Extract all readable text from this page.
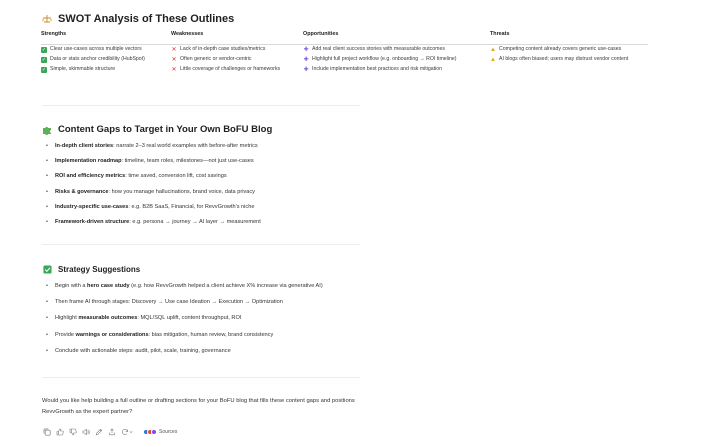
SWOT Analysis of These Outlines
Strengths	Weaknesses	Opportunities	Threats
✓ Clear use-cases across multiple vectors	✕ Lack of in-depth case studies/metrics	✚ Add real client success stories with measurable outcomes	▲ Competing content already covers generic use-cases
✓ Data or stats anchor credibility (HubSpot)	✕ Often generic or vendor-centric	✚ Highlight full project workflow (e.g. onboarding → ROI timeline)	▲ AI blogs often biased; users may distrust vendor content
✓ Simple, skimmable structure	✕ Little coverage of challenges or frameworks	✚ Include implementation best practices and risk mitigation	
Content Gaps to Target in Your Own BoFU Blog
• In-depth client stories: narrate 2–3 real world examples with before-after metrics
• Implementation roadmap: timeline, team roles, milestones—not just use-cases
• ROI and efficiency metrics: time saved, conversion lift, cost savings
• Risks & governance: how you manage hallucinations, brand voice, data privacy
• Industry-specific use-cases: e.g. B2B SaaS, Financial, for RevvGrowth's niche
• Framework-driven structure: e.g. persona → journey → AI layer → measurement
Strategy Suggestions
• Begin with a hero case study (e.g. how RevvGrowth helped a client achieve X% increase via generative AI)
• Then frame AI through stages: Discovery → Use case Ideation → Execution → Optimization
• Highlight measurable outcomes: MQL/SQL uplift, content throughput, ROI
• Provide warnings or considerations: bias mitigation, human review, brand consistency
• Conclude with actionable steps: audit, pilot, scale, training, governance

Would you like help building a full outline or drafting sections for your BoFU blog that fills these content gaps and positions RevvGrowth as the expert partner?

Sources
